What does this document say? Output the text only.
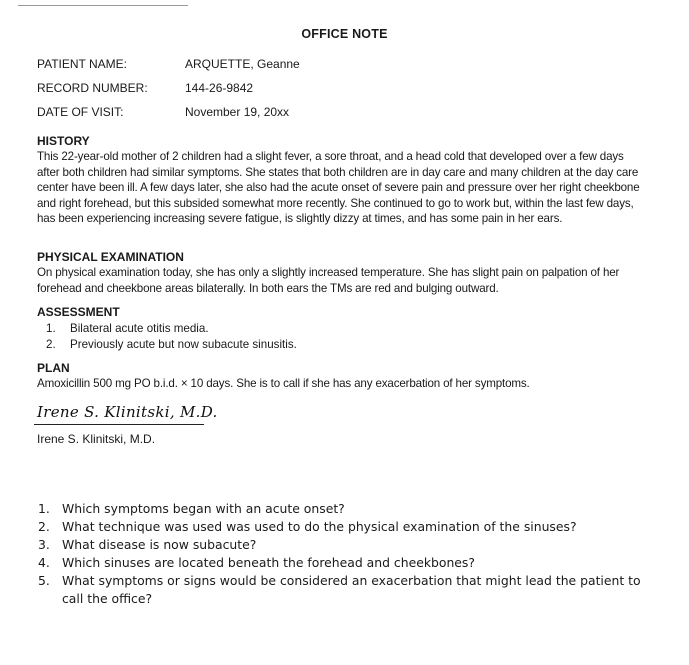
OFFICE NOTE
PATIENT NAME:	ARQUETTE, Geanne
RECORD NUMBER:	144-26-9842
DATE OF VISIT:	November 19, 20xx
HISTORY
This 22-year-old mother of 2 children had a slight fever, a sore throat, and a head cold that developed over a few days after both children had similar symptoms. She states that both children are in day care and many children at the day care center have been ill. A few days later, she also had the acute onset of severe pain and pressure over her right cheekbone and right forehead, but this subsided somewhat more recently. She continued to go to work but, within the last few days, has been experiencing increasing severe fatigue, is slightly dizzy at times, and has some pain in her ears.
PHYSICAL EXAMINATION
On physical examination today, she has only a slightly increased temperature. She has slight pain on palpation of her forehead and cheekbone areas bilaterally. In both ears the TMs are red and bulging outward.
ASSESSMENT
1. Bilateral acute otitis media.
2. Previously acute but now subacute sinusitis.
PLAN
Amoxicillin 500 mg PO b.i.d. × 10 days. She is to call if she has any exacerbation of her symptoms.
Irene S. Klinitski, M.D.
Irene S. Klinitski, M.D.
1. Which symptoms began with an acute onset?
2. What technique was used was used to do the physical examination of the sinuses?
3. What disease is now subacute?
4. Which sinuses are located beneath the forehead and cheekbones?
5. What symptoms or signs would be considered an exacerbation that might lead the patient to call the office?
